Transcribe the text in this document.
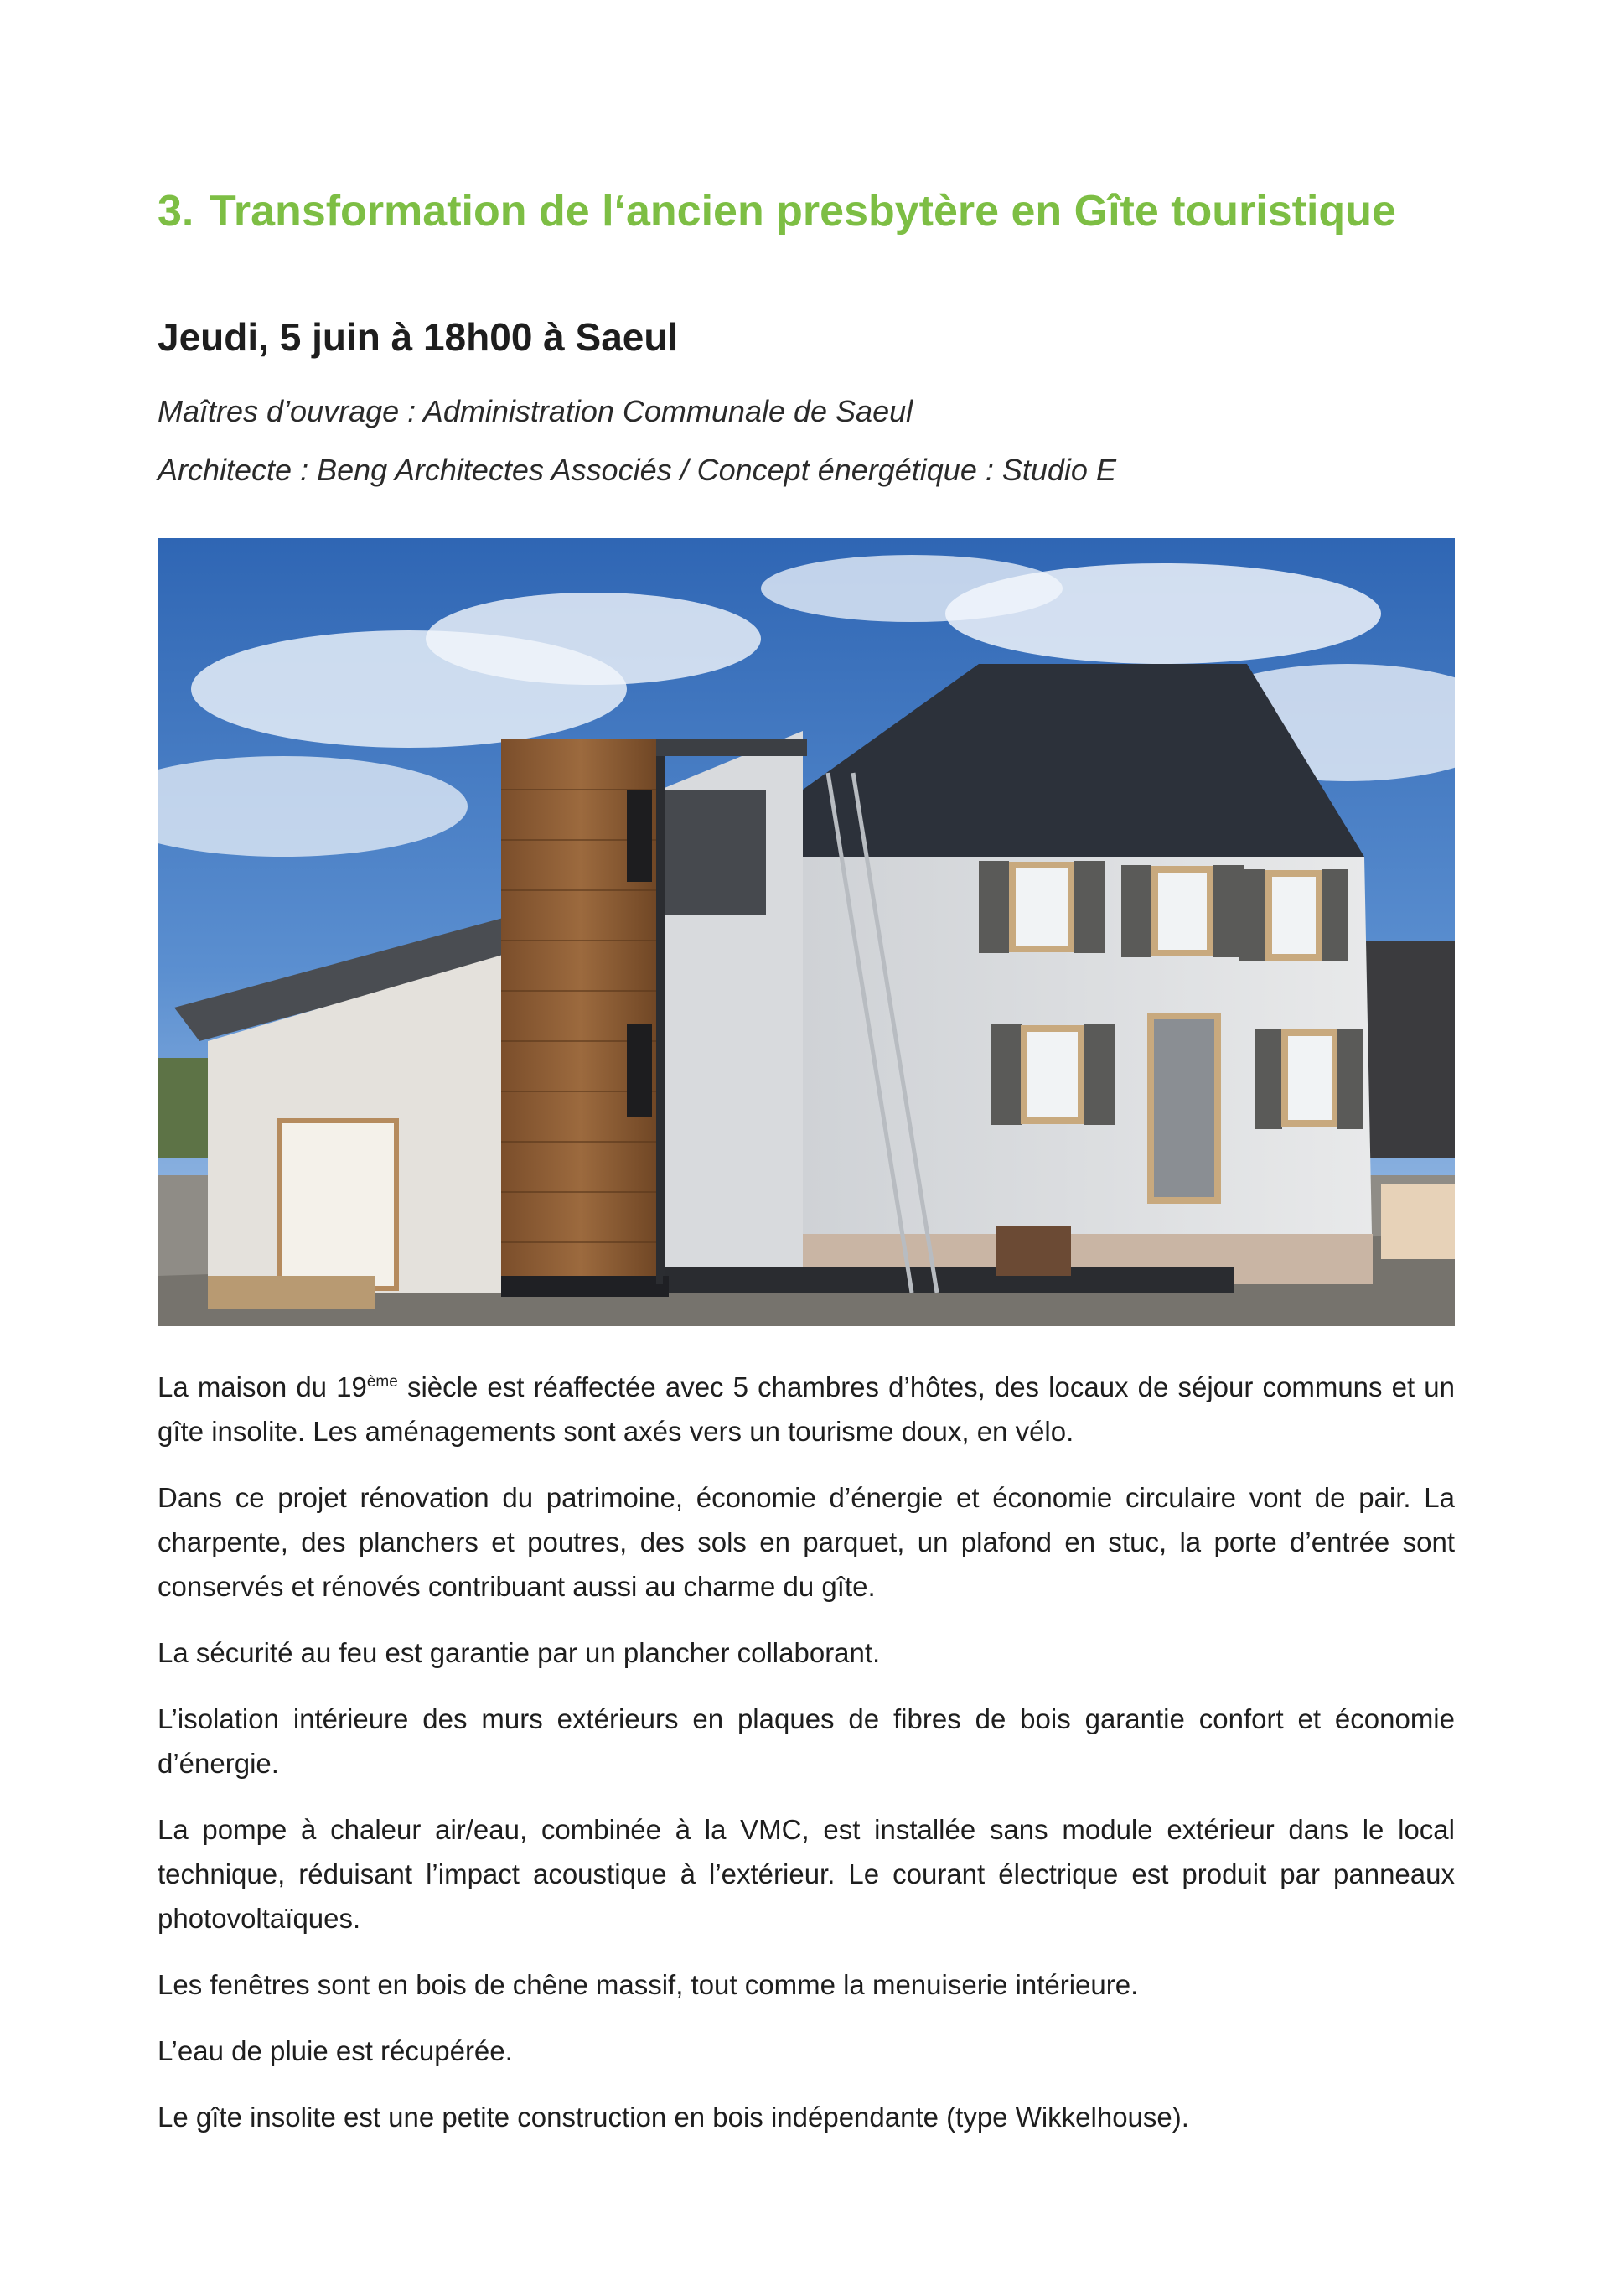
3. Transformation de l‘ancien presbytère en Gîte touristique
Jeudi, 5 juin à 18h00 à Saeul
Maîtres d’ouvrage : Administration Communale de Saeul
Architecte : Beng Architectes Associés / Concept énergétique : Studio E

La maison du 19ème siècle est réaffectée avec 5 chambres d’hôtes, des locaux de séjour communs et un gîte insolite. Les aménagements sont axés vers un tourisme doux, en vélo.

Dans ce projet rénovation du patrimoine, économie d’énergie et économie circulaire vont de pair. La charpente, des planchers et poutres, des sols en parquet, un plafond en stuc, la porte d’entrée sont conservés et rénovés contribuant aussi au charme du gîte.

La sécurité au feu est garantie par un plancher collaborant.

L’isolation intérieure des murs extérieurs en plaques de fibres de bois garantie confort et économie d’énergie.

La pompe à chaleur air/eau, combinée à la VMC, est installée sans module extérieur dans le local technique, réduisant l’impact acoustique à l’extérieur. Le courant électrique est produit par panneaux photovoltaïques.

Les fenêtres sont en bois de chêne massif, tout comme la menuiserie intérieure.

L’eau de pluie est récupérée.

Le gîte insolite est une petite construction en bois indépendante (type Wikkelhouse).
